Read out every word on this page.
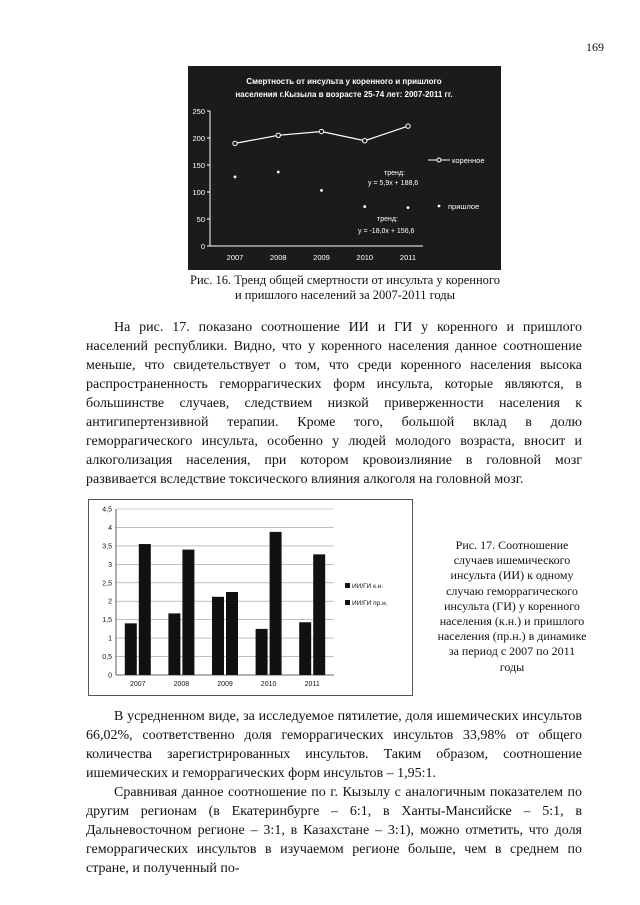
169
Смертность от инсульта у коренного и пришлого
населения г.Кызыла в возрасте 25-74 лет: 2007-2011 гг.
0
50
100
150
200
250
2007	2008	2009	2010	2011
тренд:
y = 5,9x + 188,6
тренд:
y = -18,0x + 156,6
коренное
пришлое
Рис. 16. Тренд общей смертности от инсульта у коренного
и пришлого населений за 2007-2011 годы

На рис. 17. показано соотношение ИИ и ГИ у коренного и пришлого населений республики. Видно, что у коренного населения данное соотношение меньше, что свидетельствует о том, что среди коренного населения высока распространенность геморрагических форм инсульта, которые являются, в большинстве случаев, следствием низкой приверженности населения к антигипертензивной терапии. Кроме того, большой вклад в долю геморрагического инсульта, особенно у людей молодого возраста, вносит и алкоголизация населения, при котором кровоизлияние в головной мозг развивается вследствие токсического влияния алкоголя на головной мозг.

0
0,5
1
1,5
2
2,5
3
3,5
4
4,5
2007	2008	2009	2010	2011
ИИ/ГИ к.н.
ИИ/ГИ пр.н.
Рис. 17. Соотношение случаев ишемического инсульта (ИИ) к одному случаю геморрагического инсульта (ГИ) у коренного населения (к.н.) и пришлого населения (пр.н.) в динамике за период с 2007 по 2011 годы

В усредненном виде, за исследуемое пятилетие, доля ишемических инсультов 66,02%, соответственно доля геморрагических инсультов 33,98% от общего количества зарегистрированных инсультов. Таким образом, соотношение ишемических и геморрагических форм инсультов – 1,95:1.

Сравнивая данное соотношение по г. Кызылу с аналогичным показателем по другим регионам (в Екатеринбурге – 6:1, в Ханты-Мансийске – 5:1, в Дальневосточном регионе – 3:1, в Казахстане – 3:1), можно отметить, что доля геморрагических инсультов в изучаемом регионе больше, чем в среднем по стране, и полученный по-
